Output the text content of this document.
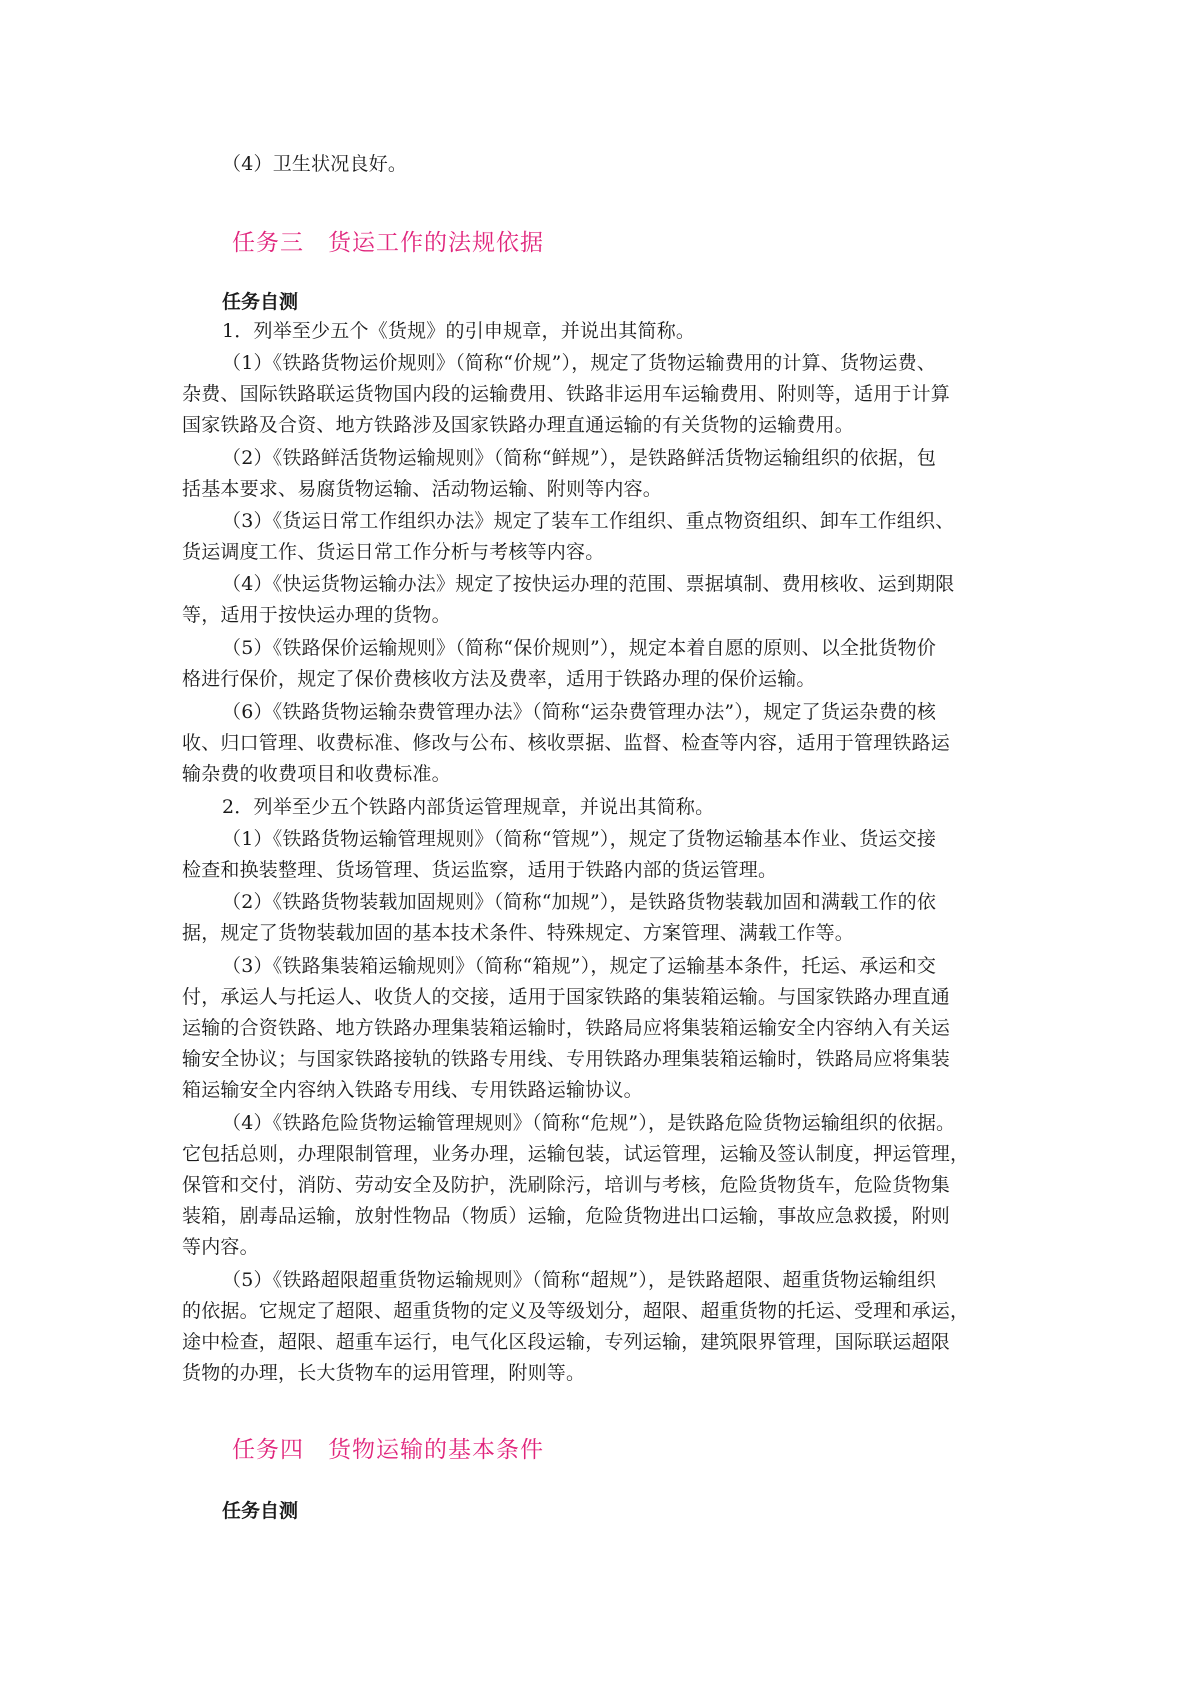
（4）卫生状况良好。
任务三　货运工作的法规依据
任务自测
1．列举至少五个《货规》的引申规章，并说出其简称。
（1）《铁路货物运价规则》（简称“价规”），规定了货物运输费用的计算、货物运费、
杂费、国际铁路联运货物国内段的运输费用、铁路非运用车运输费用、附则等，适用于计算
国家铁路及合资、地方铁路涉及国家铁路办理直通运输的有关货物的运输费用。
（2）《铁路鲜活货物运输规则》（简称“鲜规”），是铁路鲜活货物运输组织的依据，包
括基本要求、易腐货物运输、活动物运输、附则等内容。
（3）《货运日常工作组织办法》规定了装车工作组织、重点物资组织、卸车工作组织、
货运调度工作、货运日常工作分析与考核等内容。
（4）《快运货物运输办法》规定了按快运办理的范围、票据填制、费用核收、运到期限
等，适用于按快运办理的货物。
（5）《铁路保价运输规则》（简称“保价规则”），规定本着自愿的原则、以全批货物价
格进行保价，规定了保价费核收方法及费率，适用于铁路办理的保价运输。
（6）《铁路货物运输杂费管理办法》（简称“运杂费管理办法”），规定了货运杂费的核
收、归口管理、收费标准、修改与公布、核收票据、监督、检查等内容，适用于管理铁路运
输杂费的收费项目和收费标准。
2．列举至少五个铁路内部货运管理规章，并说出其简称。
（1）《铁路货物运输管理规则》（简称“管规”），规定了货物运输基本作业、货运交接
检查和换装整理、货场管理、货运监察，适用于铁路内部的货运管理。
（2）《铁路货物装载加固规则》（简称“加规”），是铁路货物装载加固和满载工作的依
据，规定了货物装载加固的基本技术条件、特殊规定、方案管理、满载工作等。
（3）《铁路集装箱运输规则》（简称“箱规”），规定了运输基本条件，托运、承运和交
付，承运人与托运人、收货人的交接，适用于国家铁路的集装箱运输。与国家铁路办理直通
运输的合资铁路、地方铁路办理集装箱运输时，铁路局应将集装箱运输安全内容纳入有关运
输安全协议；与国家铁路接轨的铁路专用线、专用铁路办理集装箱运输时，铁路局应将集装
箱运输安全内容纳入铁路专用线、专用铁路运输协议。
（4）《铁路危险货物运输管理规则》（简称“危规”），是铁路危险货物运输组织的依据。
它包括总则，办理限制管理，业务办理，运输包装，试运管理，运输及签认制度，押运管理，
保管和交付，消防、劳动安全及防护，洗刷除污，培训与考核，危险货物货车，危险货物集
装箱，剧毒品运输，放射性物品（物质）运输，危险货物进出口运输，事故应急救援，附则
等内容。
（5）《铁路超限超重货物运输规则》（简称“超规”），是铁路超限、超重货物运输组织
的依据。它规定了超限、超重货物的定义及等级划分，超限、超重货物的托运、受理和承运，
途中检查，超限、超重车运行，电气化区段运输，专列运输，建筑限界管理，国际联运超限
货物的办理，长大货物车的运用管理，附则等。
任务四　货物运输的基本条件
任务自测
